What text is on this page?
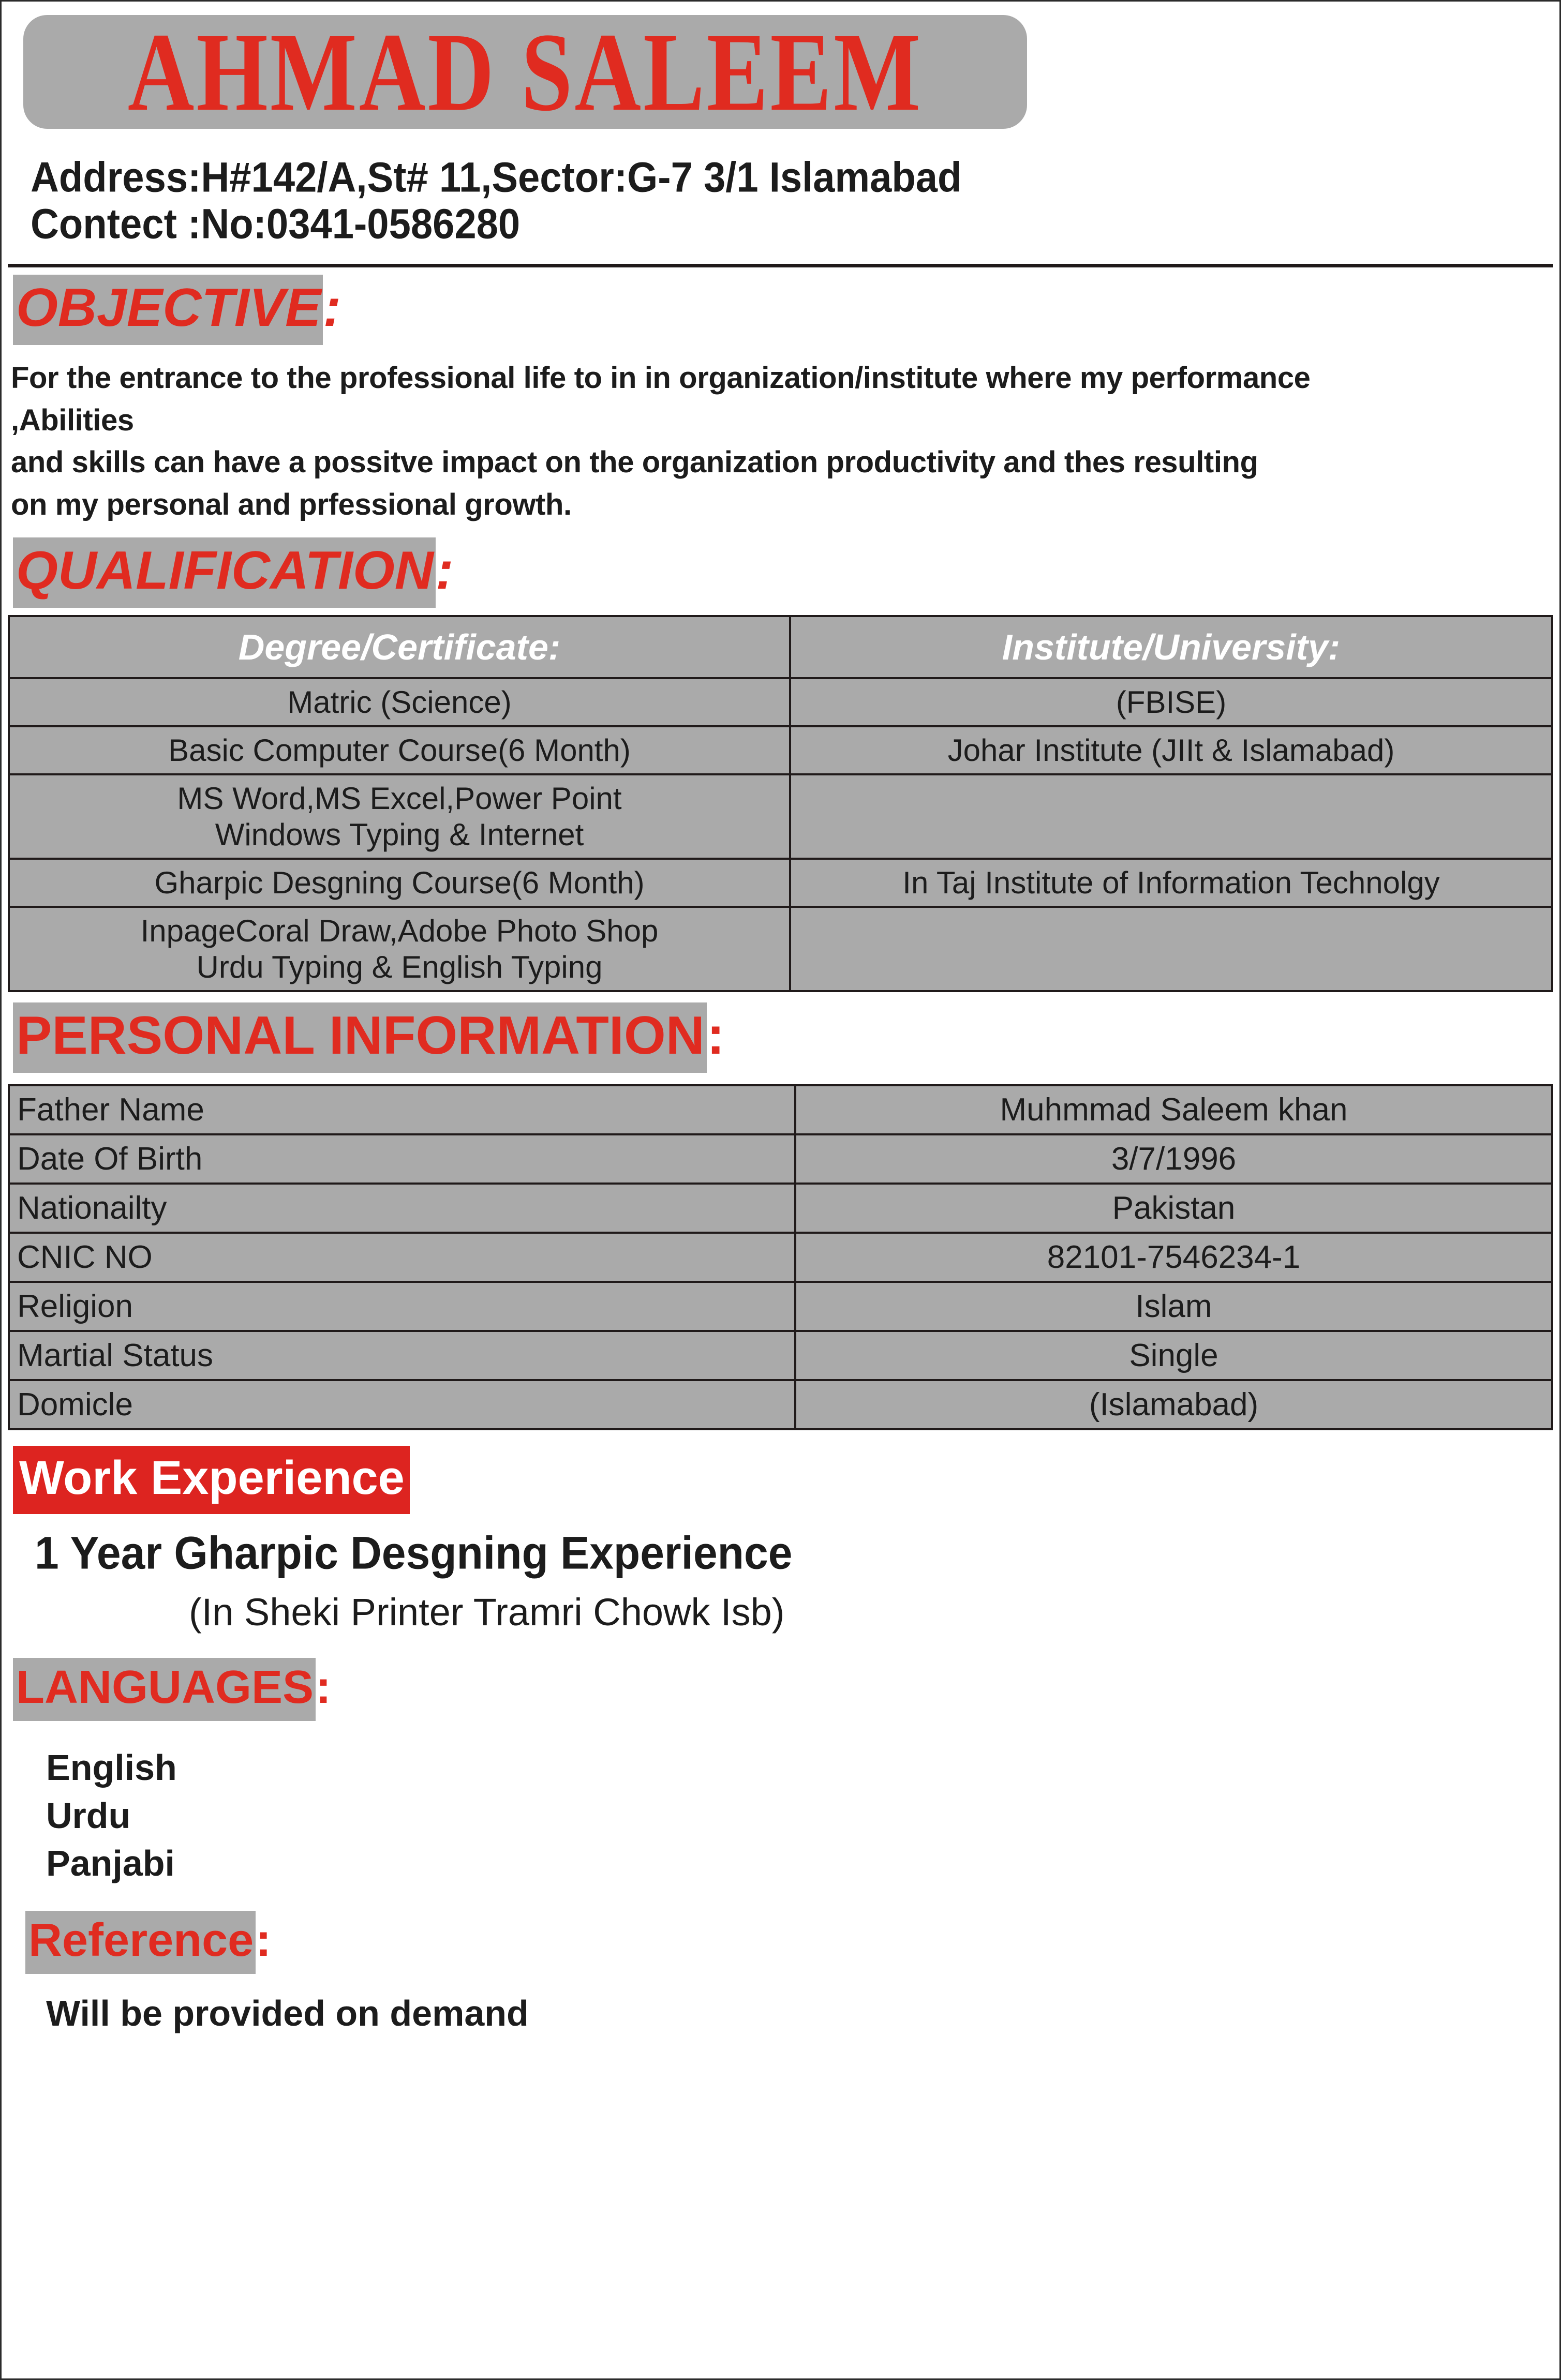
AHMAD SALEEM
Address:H#142/A,St# 11,Sector:G-7 3/1 Islamabad
Contect :No:0341-0586280
OBJECTIVE:

For the entrance to the professional life to in in organization/institute where my performance

,Abilities

and skills can have a possitve impact on the organization productivity and thes resulting

on my personal and prfessional growth.

QUALIFICATION:
Degree/Certificate:	Institute/University:
Matric (Science)	(FBISE)
Basic Computer Course(6 Month)	Johar Institute (JIIt & Islamabad)

MS Word,MS Excel,Power Point
Windows Typing & Internet	

Gharpic Desgning Course(6 Month)	In Taj Institute of Information Technolgy

InpageCoral Draw,Adobe Photo Shop
Urdu Typing & English Typing	

PERSONAL INFORMATION:
Father Name	Muhmmad Saleem khan
Date Of Birth	3/7/1996
Nationailty	Pakistan
CNIC NO	82101-7546234-1
Religion	Islam
Martial Status	Single
Domicle	(Islamabad)
Work Experience
1 Year Gharpic Desgning Experience
(In Sheki Printer Tramri Chowk Isb)
LANGUAGES:
English
Urdu
Panjabi
Reference:
Will be provided on demand
